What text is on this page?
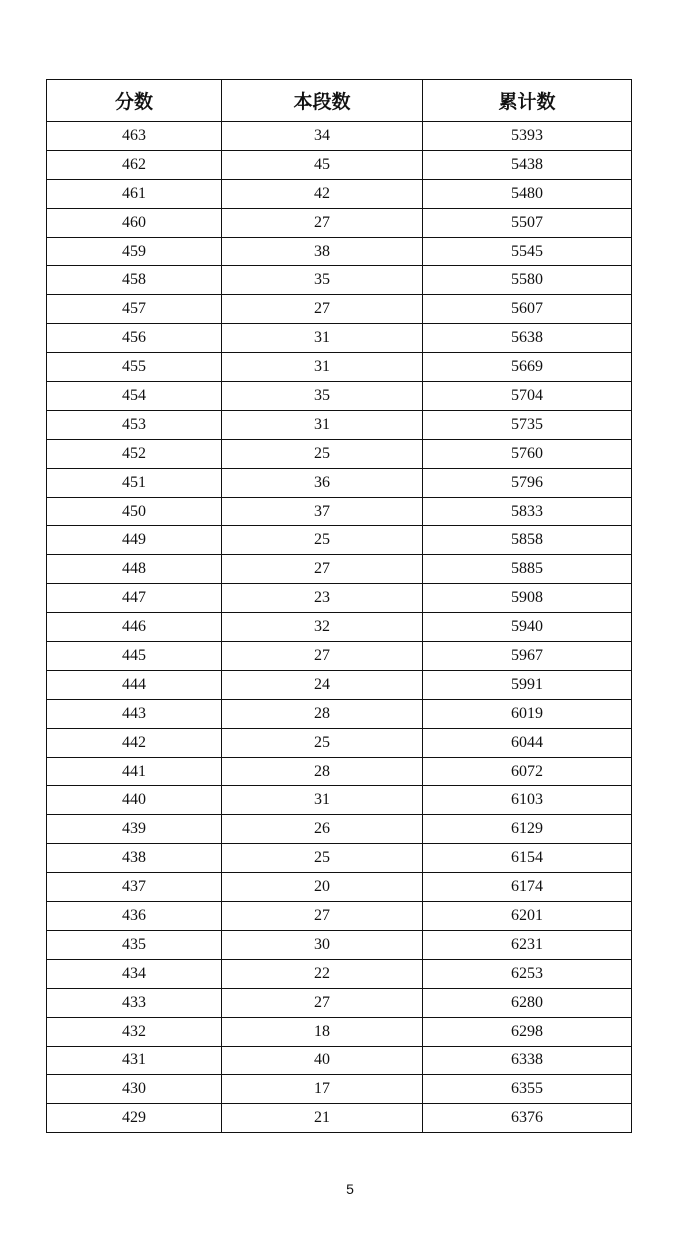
分数	本段数	累计数
463	34	5393
462	45	5438
461	42	5480
460	27	5507
459	38	5545
458	35	5580
457	27	5607
456	31	5638
455	31	5669
454	35	5704
453	31	5735
452	25	5760
451	36	5796
450	37	5833
449	25	5858
448	27	5885
447	23	5908
446	32	5940
445	27	5967
444	24	5991
443	28	6019
442	25	6044
441	28	6072
440	31	6103
439	26	6129
438	25	6154
437	20	6174
436	27	6201
435	30	6231
434	22	6253
433	27	6280
432	18	6298
431	40	6338
430	17	6355
429	21	6376
5
